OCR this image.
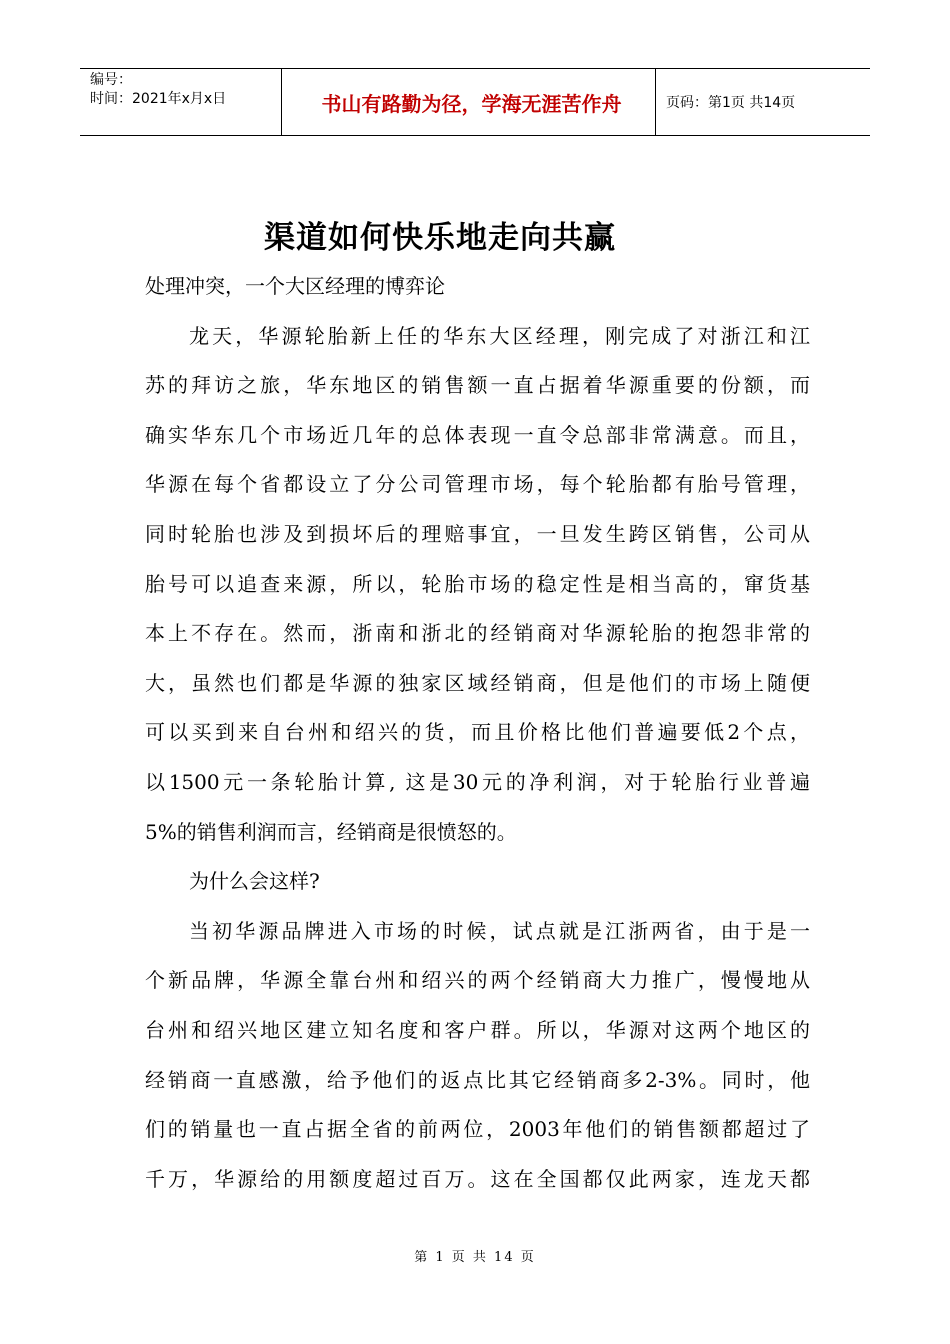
编号：
时间：2021年x月x日	书山有路勤为径，学海无涯苦作舟	页码：第1页 共14页
渠道如何快乐地走向共赢
处理冲突，一个大区经理的博弈论
龙天，华源轮胎新上任的华东大区经理，刚完成了对浙江和江
苏的拜访之旅，华东地区的销售额一直占据着华源重要的份额，而
确实华东几个市场近几年的总体表现一直令总部非常满意。而且，
华源在每个省都设立了分公司管理市场，每个轮胎都有胎号管理，
同时轮胎也涉及到损坏后的理赔事宜，一旦发生跨区销售，公司从
胎号可以追查来源，所以，轮胎市场的稳定性是相当高的，窜货基
本上不存在。然而，浙南和浙北的经销商对华源轮胎的抱怨非常的
大，虽然也们都是华源的独家区域经销商，但是他们的市场上随便
可以买到来自台州和绍兴的货，而且价格比他们普遍要低2个点，
以1500元一条轮胎计算, 这是30元的净利润，对于轮胎行业普遍
5%的销售利润而言，经销商是很愤怒的。
为什么会这样?
当初华源品牌进入市场的时候，试点就是江浙两省，由于是一
个新品牌，华源全靠台州和绍兴的两个经销商大力推广，慢慢地从
台州和绍兴地区建立知名度和客户群。所以，华源对这两个地区的
经销商一直感激，给予他们的返点比其它经销商多2-3%。同时，他
们的销量也一直占据全省的前两位，2003年他们的销售额都超过了
千万，华源给的用额度超过百万。这在全国都仅此两家，连龙天都
第 1 页 共 14 页
